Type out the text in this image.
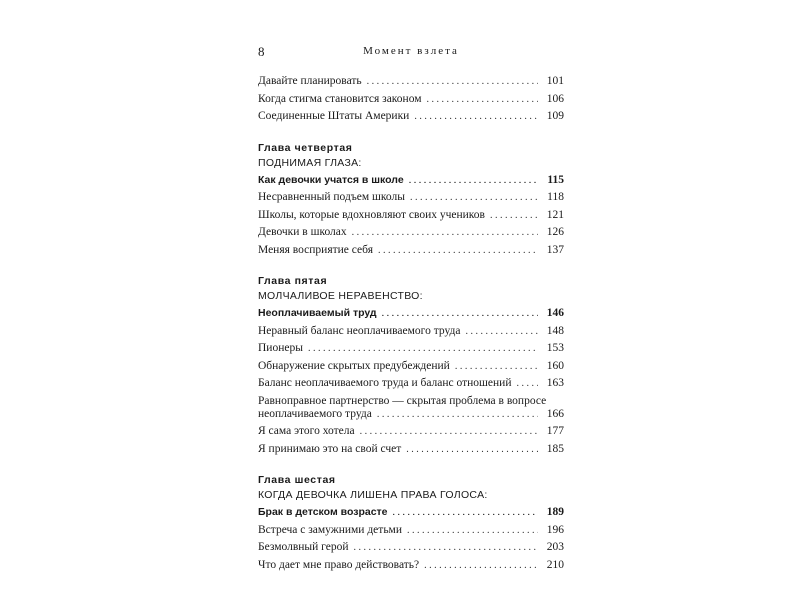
8	Момент взлета
Давайте планировать . . .	101
Когда стигма становится законом . . .	106
Соединенные Штаты Америки . . .	109
Глава четвертая
ПОДНИМАЯ ГЛАЗА:
Как девочки учатся в школе . . .	115
Несравненный подъем школы . . .	118
Школы, которые вдохновляют своих учеников . . .	121
Девочки в школах . . .	126
Меняя восприятие себя . . .	137
Глава пятая
МОЛЧАЛИВОЕ НЕРАВЕНСТВО:
Неоплачиваемый труд . . .	146
Неравный баланс неоплачиваемого труда . . .	148
Пионеры . . .	153
Обнаружение скрытых предубеждений . . .	160
Баланс неоплачиваемого труда и баланс отношений . . .	163
Равноправное партнерство — скрытая проблема в вопросе
неоплачиваемого труда . . .	166
Я сама этого хотела . . .	177
Я принимаю это на свой счет . . .	185
Глава шестая
КОГДА ДЕВОЧКА ЛИШЕНА ПРАВА ГОЛОСА:
Брак в детском возрасте . . .	189
Встреча с замужними детьми . . .	196
Безмолвный герой . . .	203
Что дает мне право действовать? . . .	210
